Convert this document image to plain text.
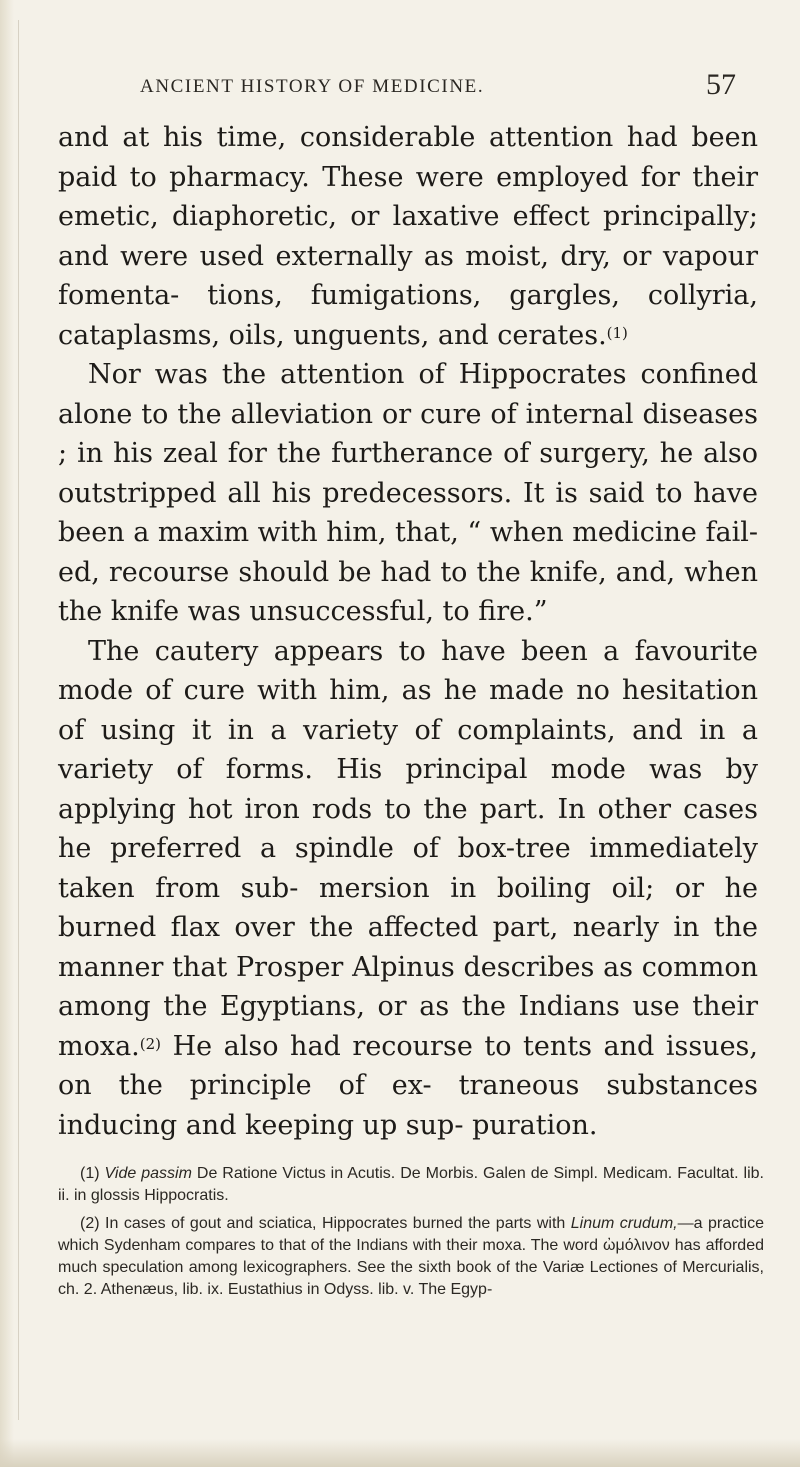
ANCIENT HISTORY OF MEDICINE.	57

and at his time, considerable attention had been paid to pharmacy. These were employed for their emetic, diaphoretic, or laxative effect principally; and were used externally as moist, dry, or vapour fomenta- tions, fumigations, gargles, collyria, cataplasms, oils, unguents, and cerates.$^{(1)}$

Nor was the attention of Hippocrates confined alone to the alleviation or cure of internal diseases ; in his zeal for the furtherance of surgery, he also outstripped all his predecessors. It is said to have been a maxim with him, that, “ when medicine fail- ed, recourse should be had to the knife, and, when the knife was unsuccessful, to fire.”

The cautery appears to have been a favourite mode of cure with him, as he made no hesitation of using it in a variety of complaints, and in a variety of forms. His principal mode was by applying hot iron rods to the part. In other cases he preferred a spindle of box-tree immediately taken from sub- mersion in boiling oil; or he burned flax over the affected part, nearly in the manner that Prosper Alpinus describes as common among the Egyptians, or as the Indians use their moxa.$^{(2)}$ He also had recourse to tents and issues, on the principle of ex- traneous substances inducing and keeping up sup- puration.

(1) Vide passim De Ratione Victus in Acutis. De Morbis. Galen de Simpl. Medicam. Facultat. lib. ii. in glossis Hippocratis.

(2) In cases of gout and sciatica, Hippocrates burned the parts with Linum crudum,—a practice which Sydenham compares to that of the Indians with their moxa. The word ὠμόλινον has afforded much speculation among lexicographers. See the sixth book of the Variæ Lectiones of Mercurialis, ch. 2. Athenæus, lib. ix. Eustathius in Odyss. lib. v. The Egyp-
